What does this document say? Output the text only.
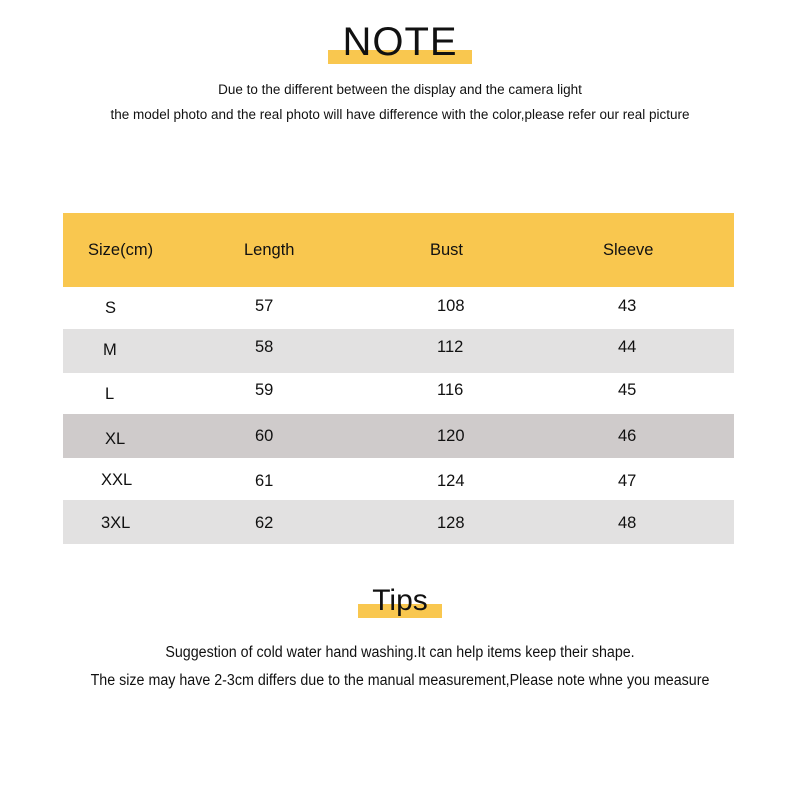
NOTE
Due to the different between the display and the camera light
the model photo and the real photo will have difference with the color,please refer our real picture
Size(cm)	Length	Bust	Sleeve
S	57	108	43
M	58	112	44
L	59	116	45
XL	60	120	46
XXL	61	124	47
3XL	62	128	48
Tips
Suggestion of cold water hand washing.It can help items keep their shape.
The size may have 2-3cm differs due to the manual measurement,Please note whne you measure
